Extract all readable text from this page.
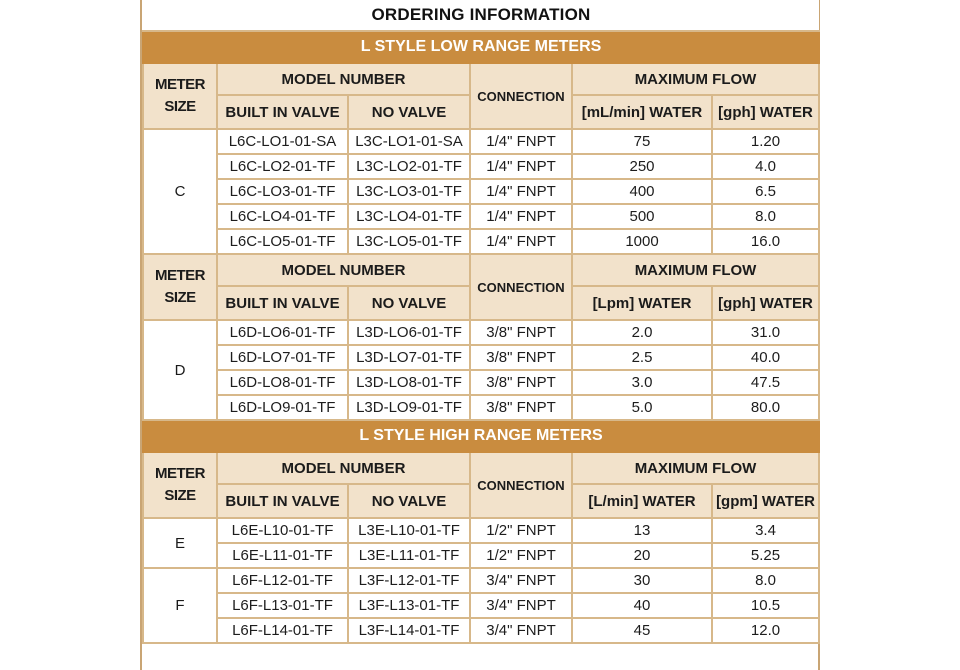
ORDERING INFORMATION					
L STYLE LOW RANGE METERS					
METER
SIZE	MODEL NUMBER		CONNECTION	MAXIMUM FLOW	
	BUILT IN VALVE	NO VALVE		[mL/min] WATER	[gph] WATER
C	L6C-LO1-01-SA	L3C-LO1-01-SA	1/4" FNPT	75	1.20
	L6C-LO2-01-TF	L3C-LO2-01-TF	1/4" FNPT	250	4.0
	L6C-LO3-01-TF	L3C-LO3-01-TF	1/4" FNPT	400	6.5
	L6C-LO4-01-TF	L3C-LO4-01-TF	1/4" FNPT	500	8.0
	L6C-LO5-01-TF	L3C-LO5-01-TF	1/4" FNPT	1000	16.0
METER
SIZE	MODEL NUMBER		CONNECTION	MAXIMUM FLOW	
	BUILT IN VALVE	NO VALVE		[Lpm] WATER	[gph] WATER
D	L6D-LO6-01-TF	L3D-LO6-01-TF	3/8" FNPT	2.0	31.0
	L6D-LO7-01-TF	L3D-LO7-01-TF	3/8" FNPT	2.5	40.0
	L6D-LO8-01-TF	L3D-LO8-01-TF	3/8" FNPT	3.0	47.5
	L6D-LO9-01-TF	L3D-LO9-01-TF	3/8" FNPT	5.0	80.0
L STYLE HIGH RANGE METERS					
METER
SIZE	MODEL NUMBER		CONNECTION	MAXIMUM FLOW	
	BUILT IN VALVE	NO VALVE		[L/min] WATER	[gpm] WATER
E	L6E-L10-01-TF	L3E-L10-01-TF	1/2" FNPT	13	3.4
	L6E-L11-01-TF	L3E-L11-01-TF	1/2" FNPT	20	5.25
F	L6F-L12-01-TF	L3F-L12-01-TF	3/4" FNPT	30	8.0
	L6F-L13-01-TF	L3F-L13-01-TF	3/4" FNPT	40	10.5
	L6F-L14-01-TF	L3F-L14-01-TF	3/4" FNPT	45	12.0
